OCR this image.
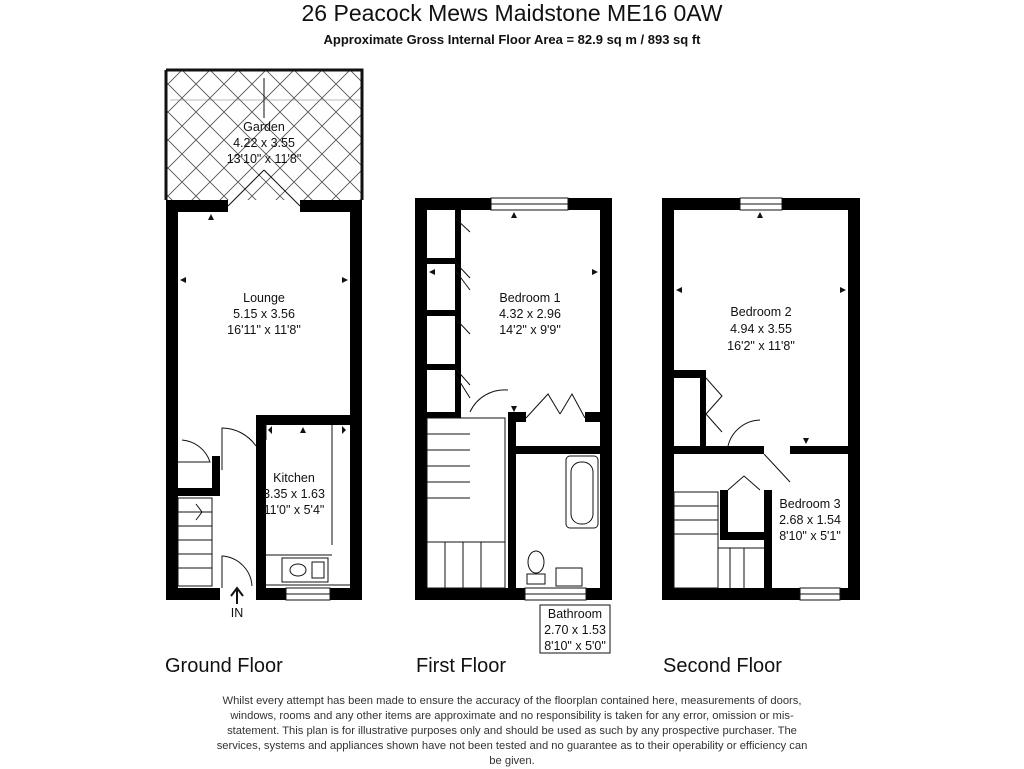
26 Peacock Mews Maidstone ME16 0AW
Approximate Gross Internal Floor Area = 82.9 sq m / 893 sq ft
Garden
4.22 x 3.55
13'10" x 11'8"
Lounge
5.15 x 3.56
16'11" x 11'8"
Kitchen
3.35 x 1.63
11'0" x 5'4"
IN
Bedroom 1
4.32 x 2.96
14'2" x 9'9"
Bathroom
2.70 x 1.53
8'10" x 5'0"
Bedroom 2
4.94 x 3.55
16'2" x 11'8"
Bedroom 3
2.68 x 1.54
8'10" x 5'1"
Ground Floor	First Floor	Second Floor
Whilst every attempt has been made to ensure the accuracy of the floorplan contained here, measurements of doors, windows, rooms and any other items are approximate and no responsibility is taken for any error, omission or mis-statement. This plan is for illustrative purposes only and should be used as such by any prospective purchaser. The services, systems and appliances shown have not been tested and no guarantee as to their operability or efficiency can be given.
